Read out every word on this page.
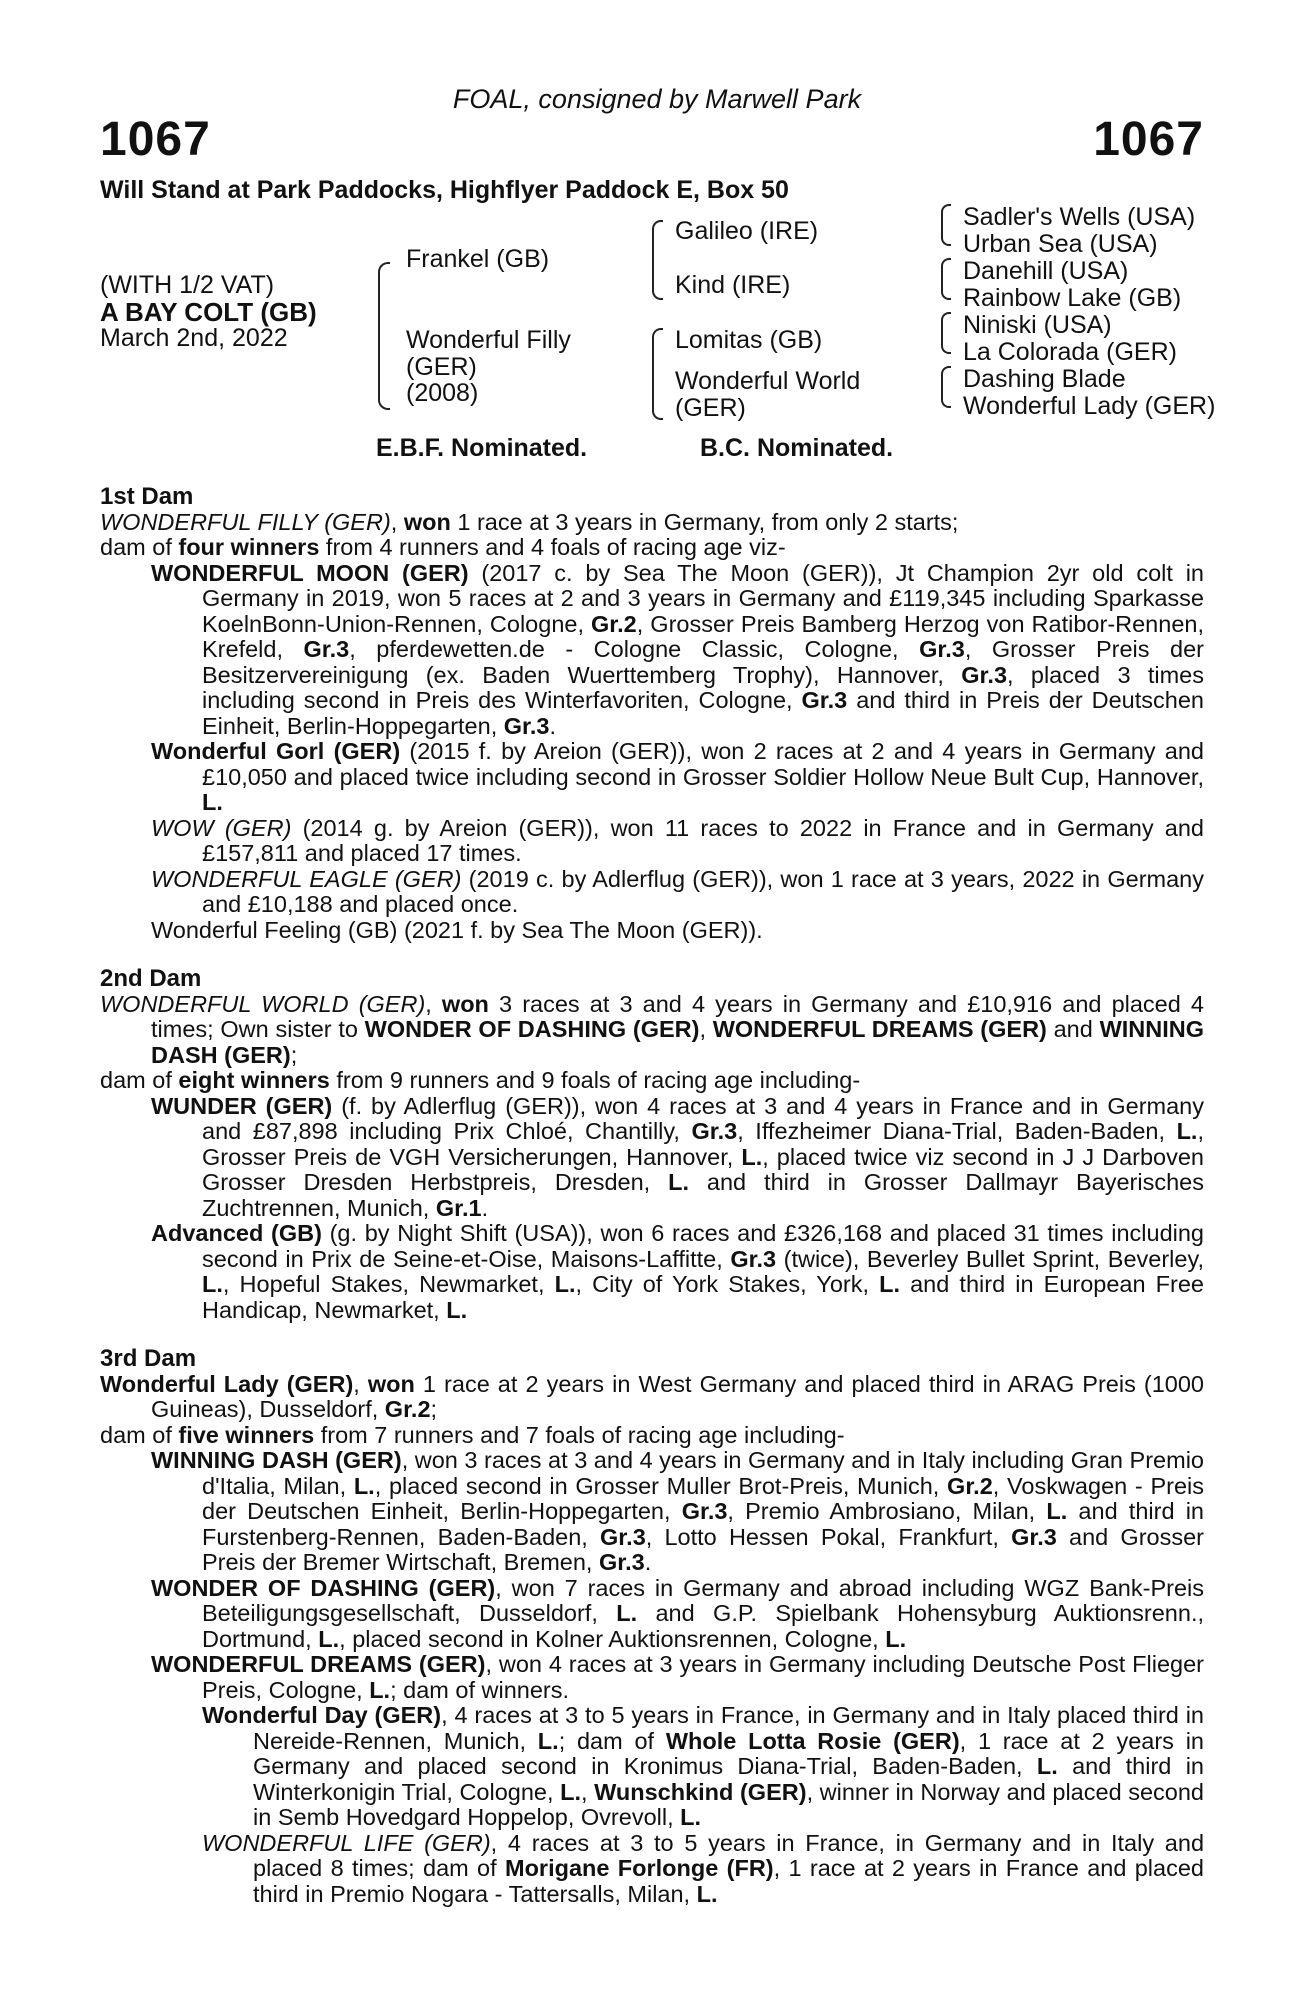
FOAL, consigned by Marwell Park
1067	1067
Will Stand at Park Paddocks, Highflyer Paddock E, Box 50
(WITH 1/2 VAT)
A BAY COLT (GB)
March 2nd, 2022
Frankel (GB)
Wonderful Filly
(GER)
(2008)
Galileo (IRE)
Kind (IRE)
Lomitas (GB)
Wonderful World
(GER)
Sadler's Wells (USA)
Urban Sea (USA)
Danehill (USA)
Rainbow Lake (GB)
Niniski (USA)
La Colorada (GER)
Dashing Blade
Wonderful Lady (GER)
E.B.F. Nominated.	B.C. Nominated.
1st Dam
WONDERFUL FILLY (GER), won 1 race at 3 years in Germany, from only 2 starts;
dam of four winners from 4 runners and 4 foals of racing age viz-
WONDERFUL MOON (GER) (2017 c. by Sea The Moon (GER)), Jt Champion 2yr old colt in Germany in 2019, won 5 races at 2 and 3 years in Germany and £119,345 including Sparkasse KoelnBonn-Union-Rennen, Cologne, Gr.2, Grosser Preis Bamberg Herzog von Ratibor-Rennen, Krefeld, Gr.3, pferdewetten.de - Cologne Classic, Cologne, Gr.3, Grosser Preis der Besitzervereinigung (ex. Baden Wuerttemberg Trophy), Hannover, Gr.3, placed 3 times including second in Preis des Winterfavoriten, Cologne, Gr.3 and third in Preis der Deutschen Einheit, Berlin-Hoppegarten, Gr.3.
Wonderful Gorl (GER) (2015 f. by Areion (GER)), won 2 races at 2 and 4 years in Germany and £10,050 and placed twice including second in Grosser Soldier Hollow Neue Bult Cup, Hannover, L.
WOW (GER) (2014 g. by Areion (GER)), won 11 races to 2022 in France and in Germany and £157,811 and placed 17 times.
WONDERFUL EAGLE (GER) (2019 c. by Adlerflug (GER)), won 1 race at 3 years, 2022 in Germany and £10,188 and placed once.
Wonderful Feeling (GB) (2021 f. by Sea The Moon (GER)).
2nd Dam
WONDERFUL WORLD (GER), won 3 races at 3 and 4 years in Germany and £10,916 and placed 4 times; Own sister to WONDER OF DASHING (GER), WONDERFUL DREAMS (GER) and WINNING DASH (GER);
dam of eight winners from 9 runners and 9 foals of racing age including-
WUNDER (GER) (f. by Adlerflug (GER)), won 4 races at 3 and 4 years in France and in Germany and £87,898 including Prix Chloé, Chantilly, Gr.3, Iffezheimer Diana-Trial, Baden-Baden, L., Grosser Preis de VGH Versicherungen, Hannover, L., placed twice viz second in J J Darboven Grosser Dresden Herbstpreis, Dresden, L. and third in Grosser Dallmayr Bayerisches Zuchtrennen, Munich, Gr.1.
Advanced (GB) (g. by Night Shift (USA)), won 6 races and £326,168 and placed 31 times including second in Prix de Seine-et-Oise, Maisons-Laffitte, Gr.3 (twice), Beverley Bullet Sprint, Beverley, L., Hopeful Stakes, Newmarket, L., City of York Stakes, York, L. and third in European Free Handicap, Newmarket, L.
3rd Dam
Wonderful Lady (GER), won 1 race at 2 years in West Germany and placed third in ARAG Preis (1000 Guineas), Dusseldorf, Gr.2;
dam of five winners from 7 runners and 7 foals of racing age including-
WINNING DASH (GER), won 3 races at 3 and 4 years in Germany and in Italy including Gran Premio d'Italia, Milan, L., placed second in Grosser Muller Brot-Preis, Munich, Gr.2, Voskwagen - Preis der Deutschen Einheit, Berlin-Hoppegarten, Gr.3, Premio Ambrosiano, Milan, L. and third in Furstenberg-Rennen, Baden-Baden, Gr.3, Lotto Hessen Pokal, Frankfurt, Gr.3 and Grosser Preis der Bremer Wirtschaft, Bremen, Gr.3.
WONDER OF DASHING (GER), won 7 races in Germany and abroad including WGZ Bank-Preis Beteiligungsgesellschaft, Dusseldorf, L. and G.P. Spielbank Hohensyburg Auktionsrenn., Dortmund, L., placed second in Kolner Auktionsrennen, Cologne, L.
WONDERFUL DREAMS (GER), won 4 races at 3 years in Germany including Deutsche Post Flieger Preis, Cologne, L.; dam of winners.
Wonderful Day (GER), 4 races at 3 to 5 years in France, in Germany and in Italy placed third in Nereide-Rennen, Munich, L.; dam of Whole Lotta Rosie (GER), 1 race at 2 years in Germany and placed second in Kronimus Diana-Trial, Baden-Baden, L. and third in Winterkonigin Trial, Cologne, L., Wunschkind (GER), winner in Norway and placed second in Semb Hovedgard Hoppelop, Ovrevoll, L.
WONDERFUL LIFE (GER), 4 races at 3 to 5 years in France, in Germany and in Italy and placed 8 times; dam of Morigane Forlonge (FR), 1 race at 2 years in France and placed third in Premio Nogara - Tattersalls, Milan, L.
